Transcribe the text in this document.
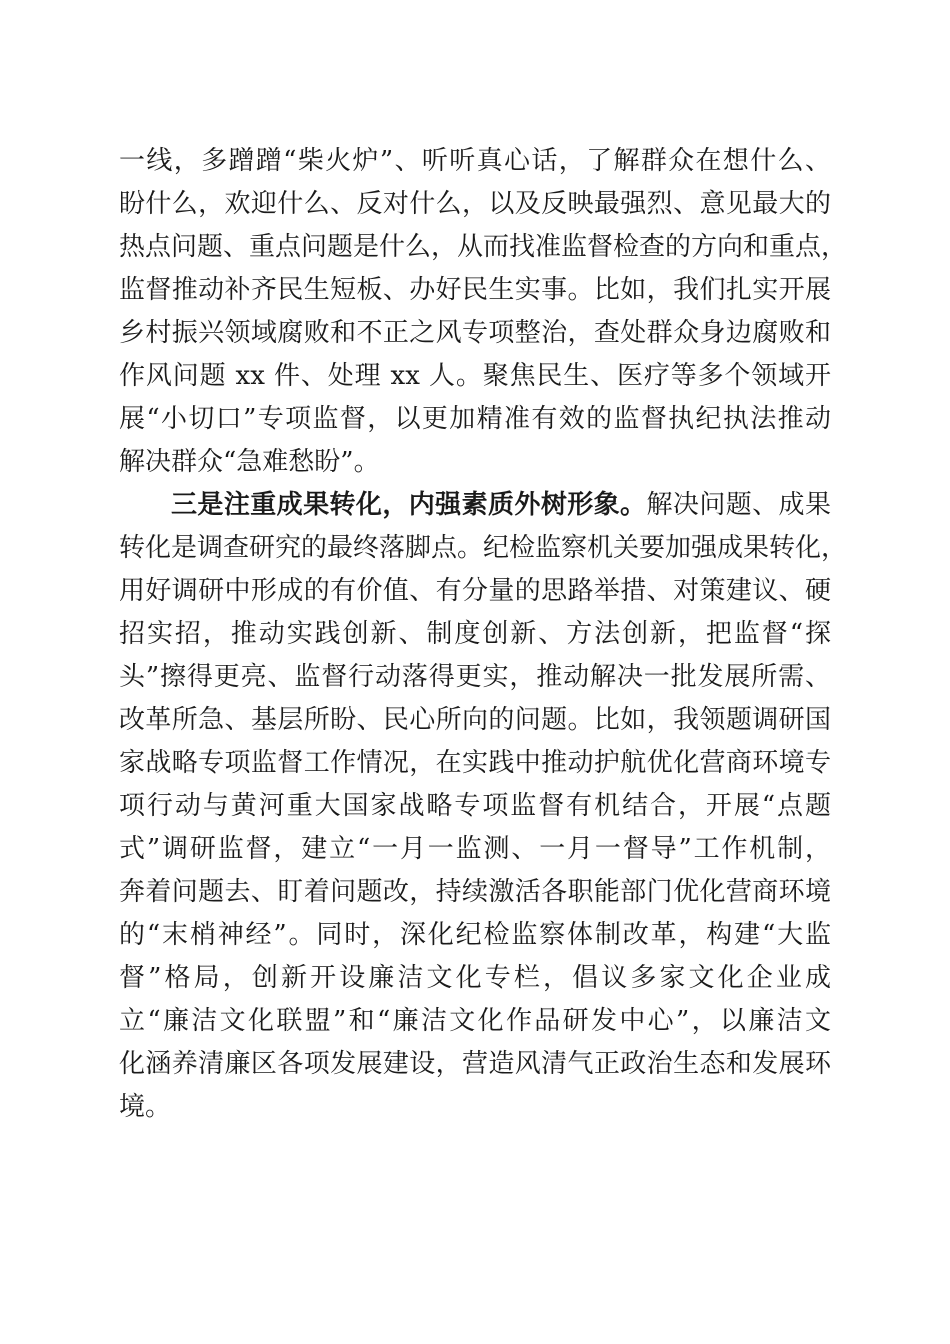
一线，多蹭蹭“柴火炉”、听听真心话，了解群众在想什么、
盼什么，欢迎什么、反对什么，以及反映最强烈、意见最大的
热点问题、重点问题是什么，从而找准监督检查的方向和重点，
监督推动补齐民生短板、办好民生实事。比如，我们扎实开展
乡村振兴领域腐败和不正之风专项整治，查处群众身边腐败和
作风问题 xx 件、处理 xx 人。聚焦民生、医疗等多个领域开
展“小切口”专项监督，以更加精准有效的监督执纪执法推动
解决群众“急难愁盼”。
三是注重成果转化，内强素质外树形象。解决问题、成果
转化是调查研究的最终落脚点。纪检监察机关要加强成果转化，
用好调研中形成的有价值、有分量的思路举措、对策建议、硬
招实招，推动实践创新、制度创新、方法创新，把监督“探
头”擦得更亮、监督行动落得更实，推动解决一批发展所需、
改革所急、基层所盼、民心所向的问题。比如，我领题调研国
家战略专项监督工作情况，在实践中推动护航优化营商环境专
项行动与黄河重大国家战略专项监督有机结合，开展“点题
式”调研监督，建立“一月一监测、一月一督导”工作机制，
奔着问题去、盯着问题改，持续激活各职能部门优化营商环境
的“末梢神经”。同时，深化纪检监察体制改革，构建“大监
督”格局，创新开设廉洁文化专栏，倡议多家文化企业成
立“廉洁文化联盟”和“廉洁文化作品研发中心”，以廉洁文
化涵养清廉区各项发展建设，营造风清气正政治生态和发展环
境。
